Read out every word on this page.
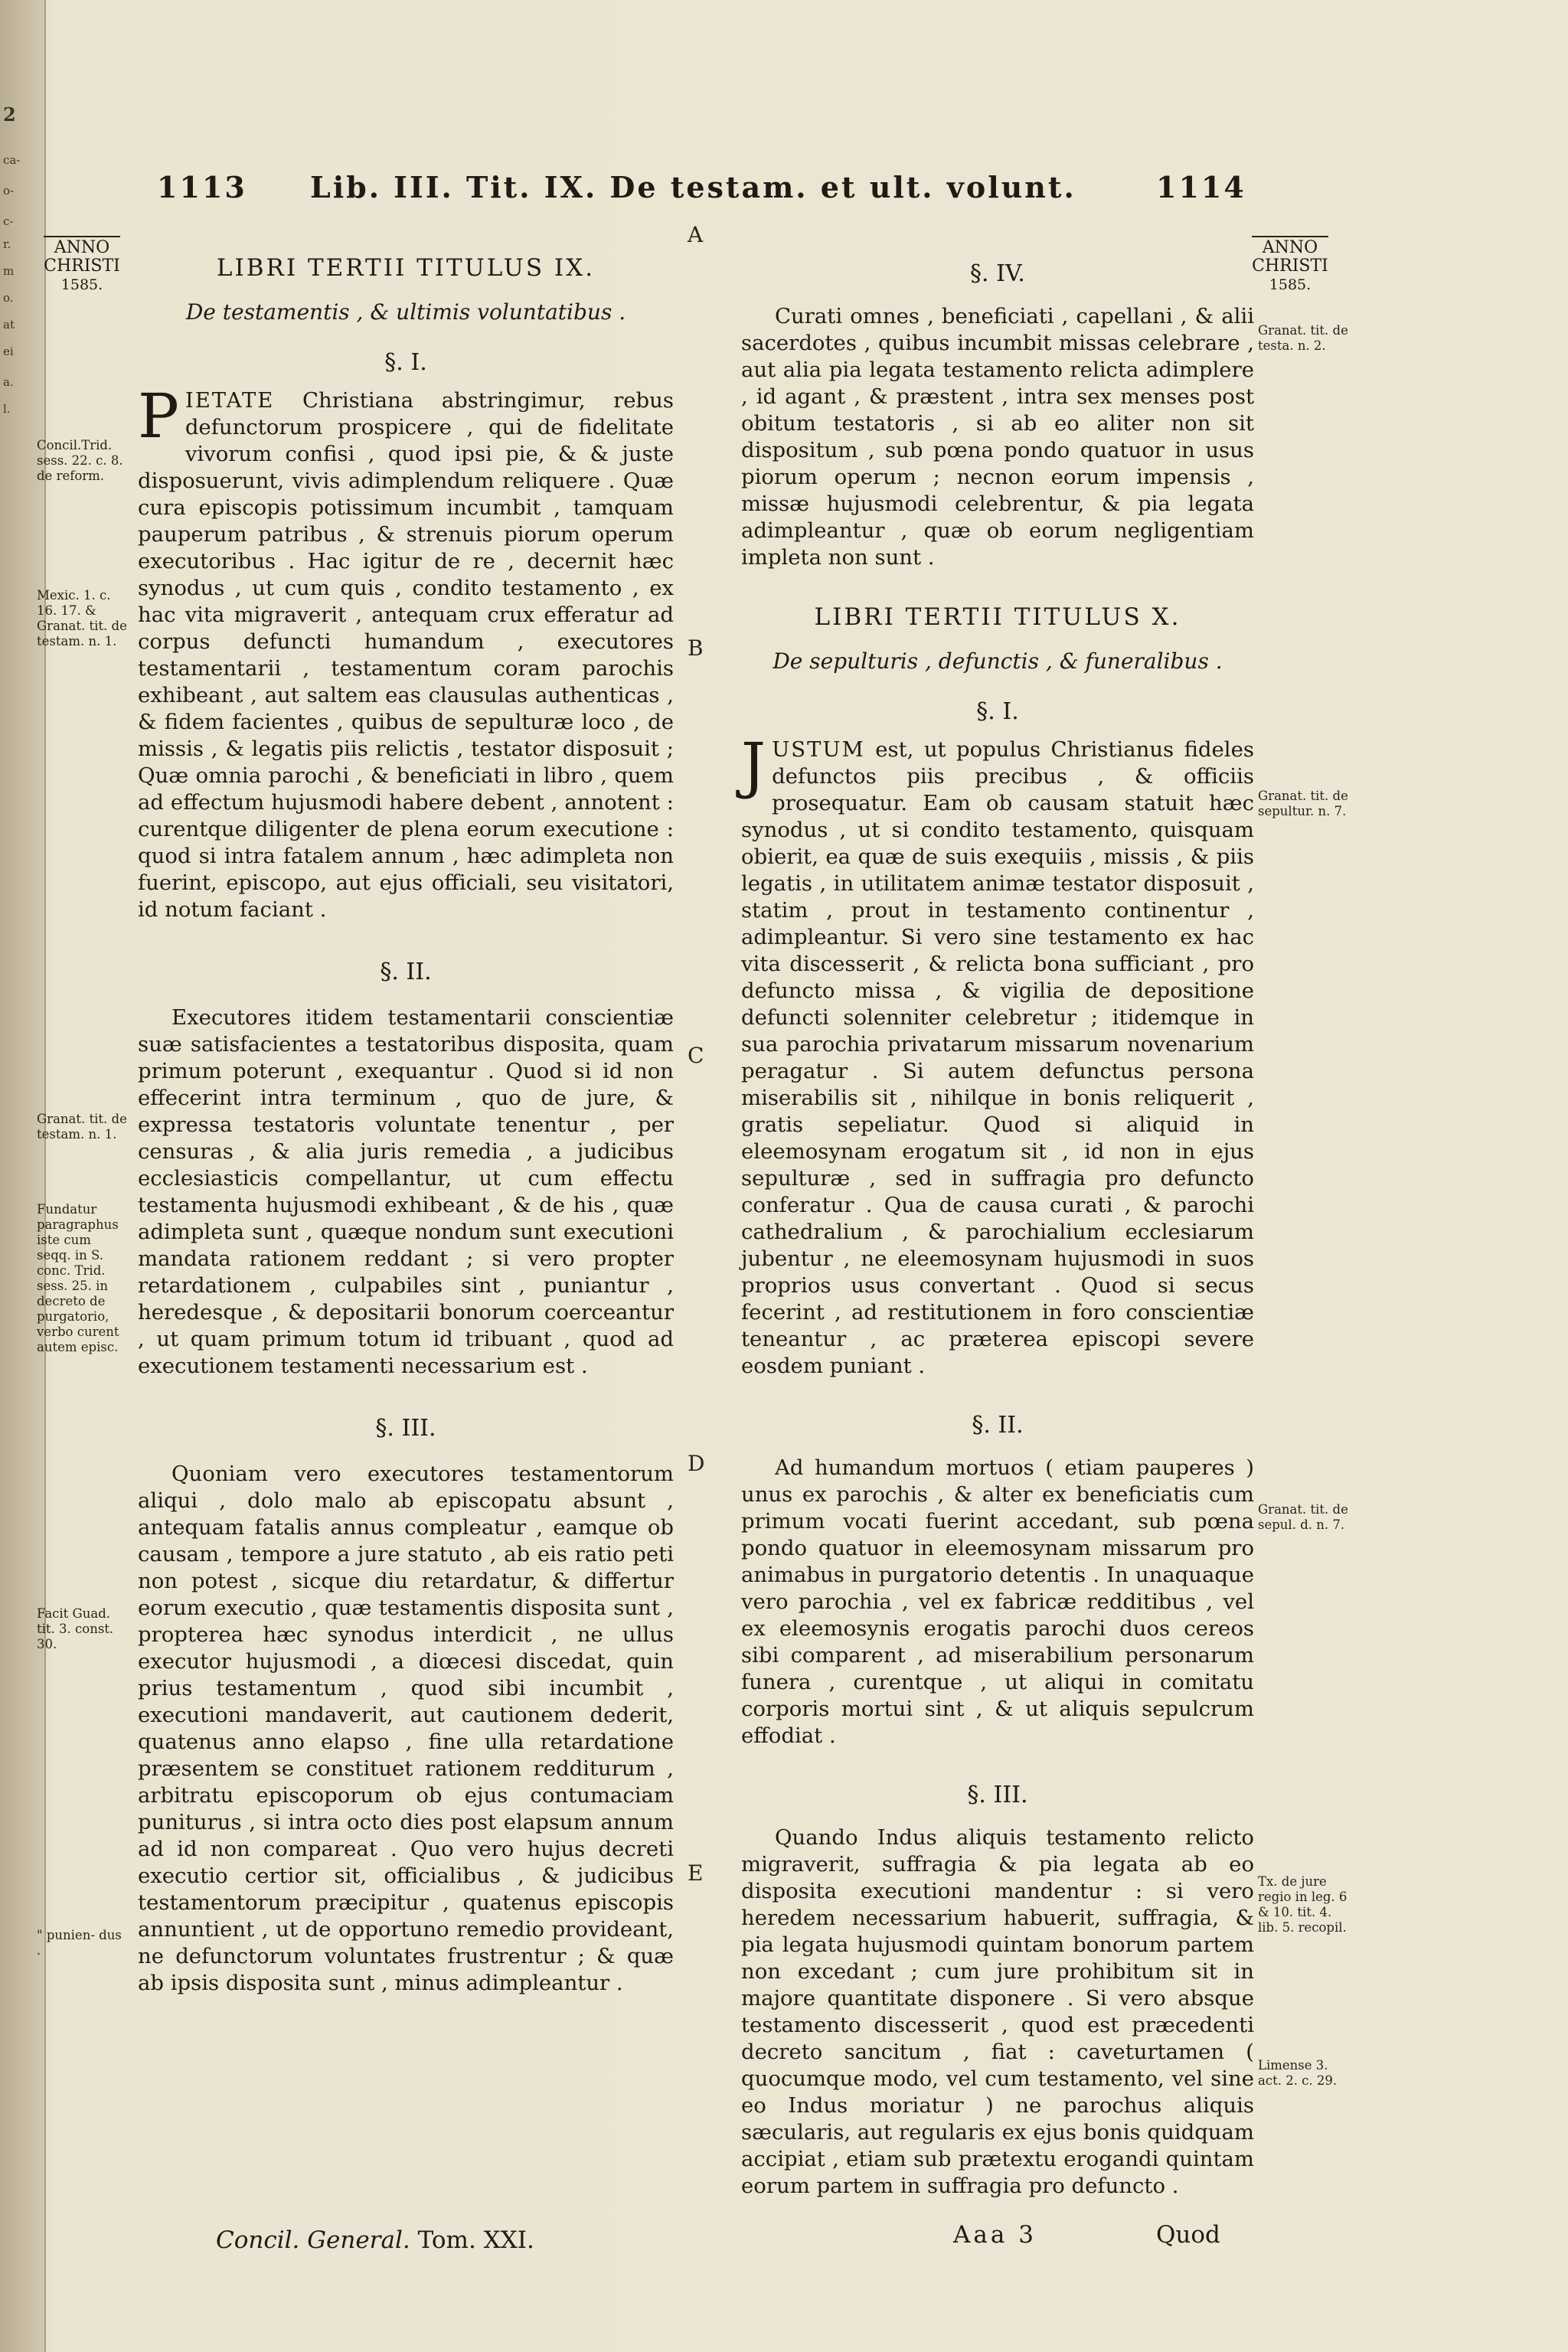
2
ca-
o-
c-
r.
m
o.
at
ei
a.
l.
1113 Lib. III. Tit. IX. De testam. et ult. volunt.	1114
ANNO
CHRISTI
1585.
ANNO
CHRISTI
1585.
A
B
C
D
E

LIBRI TERTII TITULUS IX.

De testamentis , & ultimis voluntatibus .

§. I.

PIETATE Christiana abstringimur, rebus defunctorum prospicere , qui de fidelitate vivorum confisi , quod ipsi pie, & & juste disposuerunt, vivis adimplendum reliquere . Quæ cura episcopis potissimum incumbit , tamquam pauperum patribus , & strenuis piorum operum executoribus . Hac igitur de re , decernit hæc synodus , ut cum quis , condito testamento , ex hac vita migraverit , antequam crux efferatur ad corpus defuncti humandum , executores testamentarii , testamentum coram parochis exhibeant , aut saltem eas clausulas authenticas , & fidem facientes , quibus de sepulturæ loco , de missis , & legatis piis relictis , testator disposuit ; Quæ omnia parochi , & beneficiati in libro , quem ad effectum hujusmodi habere debent , annotent : curentque diligenter de plena eorum executione : quod si intra fatalem annum , hæc adimpleta non fuerint, episcopo, aut ejus officiali, seu visitatori, id notum faciant .

§. II.

Executores itidem testamentarii conscientiæ suæ satisfacientes a testatoribus disposita, quam primum poterunt , exequantur . Quod si id non effecerint intra terminum , quo de jure, & expressa testatoris voluntate tenentur , per censuras , & alia juris remedia , a judicibus ecclesiasticis compellantur, ut cum effectu testamenta hujusmodi exhibeant , & de his , quæ adimpleta sunt , quæque nondum sunt executioni mandata rationem reddant ; si vero propter retardationem , culpabiles sint , puniantur , heredesque , & depositarii bonorum coerceantur , ut quam primum totum id tribuant , quod ad executionem testamenti necessarium est .

§. III.

Quoniam vero executores testamentorum aliqui , dolo malo ab episcopatu absunt , antequam fatalis annus compleatur , eamque ob causam , tempore a jure statuto , ab eis ratio peti non potest , sicque diu retardatur, & differtur eorum executio , quæ testamentis disposita sunt , propterea hæc synodus interdicit , ne ullus executor hujusmodi , a diœcesi discedat, quin prius testamentum , quod sibi incumbit , executioni mandaverit, aut cautionem dederit, quatenus anno elapso , fine ulla retardatione præsentem se constituet rationem redditurum , arbitratu episcoporum ob ejus contumaciam puniturus , si intra octo dies post elapsum annum ad id non compareat . Quo vero hujus decreti executio certior sit, officialibus , & judicibus testamentorum præcipitur , quatenus episcopis annuntient , ut de opportuno remedio provideant, ne defunctorum voluntates frustrentur ; & quæ ab ipsis disposita sunt , minus adimpleantur .

§. IV.

Curati omnes , beneficiati , capellani , & alii sacerdotes , quibus incumbit missas celebrare , aut alia pia legata testamento relicta adimplere , id agant , & præstent , intra sex menses post obitum testatoris , si ab eo aliter non sit dispositum , sub pœna pondo quatuor in usus piorum operum ; necnon eorum impensis , missæ hujusmodi celebrentur, & pia legata adimpleantur , quæ ob eorum negligentiam impleta non sunt .

LIBRI TERTII TITULUS X.

De sepulturis , defunctis , & funeralibus .

§. I.

JUSTUM est, ut populus Christianus fideles defunctos piis precibus , & officiis prosequatur. Eam ob causam statuit hæc synodus , ut si condito testamento, quisquam obierit, ea quæ de suis exequiis , missis , & piis legatis , in utilitatem animæ testator disposuit , statim , prout in testamento continentur , adimpleantur. Si vero sine testamento ex hac vita discesserit , & relicta bona sufficiant , pro defuncto missa , & vigilia de depositione defuncti solenniter celebretur ; itidemque in sua parochia privatarum missarum novenarium peragatur . Si autem defunctus persona miserabilis sit , nihilque in bonis reliquerit , gratis sepeliatur. Quod si aliquid in eleemosynam erogatum sit , id non in ejus sepulturæ , sed in suffragia pro defuncto conferatur . Qua de causa curati , & parochi cathedralium , & parochialium ecclesiarum jubentur , ne eleemosynam hujusmodi in suos proprios usus convertant . Quod si secus fecerint , ad restitutionem in foro conscientiæ teneantur , ac præterea episcopi severe eosdem puniant .

§. II.

Ad humandum mortuos ( etiam pauperes ) unus ex parochis , & alter ex beneficiatis cum primum vocati fuerint accedant, sub pœna pondo quatuor in eleemosynam missarum pro animabus in purgatorio detentis . In unaquaque vero parochia , vel ex fabricæ redditibus , vel ex eleemosynis erogatis parochi duos cereos sibi comparent , ad miserabilium personarum funera , curentque , ut aliqui in comitatu corporis mortui sint , & ut aliquis sepulcrum effodiat .

§. III.

Quando Indus aliquis testamento relicto migraverit, suffragia & pia legata ab eo disposita executioni mandentur : si vero heredem necessarium habuerit, suffragia, & pia legata hujusmodi quintam bonorum partem non excedant ; cum jure prohibitum sit in majore quantitate disponere . Si vero absque testamento discesserit , quod est præcedenti decreto sancitum , fiat : caveturtamen ( quocumque modo, vel cum testamento, vel sine eo Indus moriatur ) ne parochus aliquis sæcularis, aut regularis ex ejus bonis quidquam accipiat , etiam sub prætextu erogandi quintam eorum partem in suffragia pro defuncto .

Concil.Trid. sess. 22. c. 8. de reform.
Mexic. 1. c. 16. 17. & Granat. tit. de testam. n. 1.
Granat. tit. de testam. n. 1.
Fundatur paragraphus iste cum seqq. in S. conc. Trid. sess. 25. in decreto de purgatorio, verbo curent autem episc.
Facit Guad. tit. 3. const. 30.
" punien- dus .
Granat. tit. de testa. n. 2.
Granat. tit. de sepultur. n. 7.
Granat. tit. de sepul. d. n. 7.
Tx. de jure regio in leg. 6 & 10. tit. 4. lib. 5. recopil.
Limense 3. act. 2. c. 29.
Concil. General. Tom. XXI.	Aaa 3	Quod
